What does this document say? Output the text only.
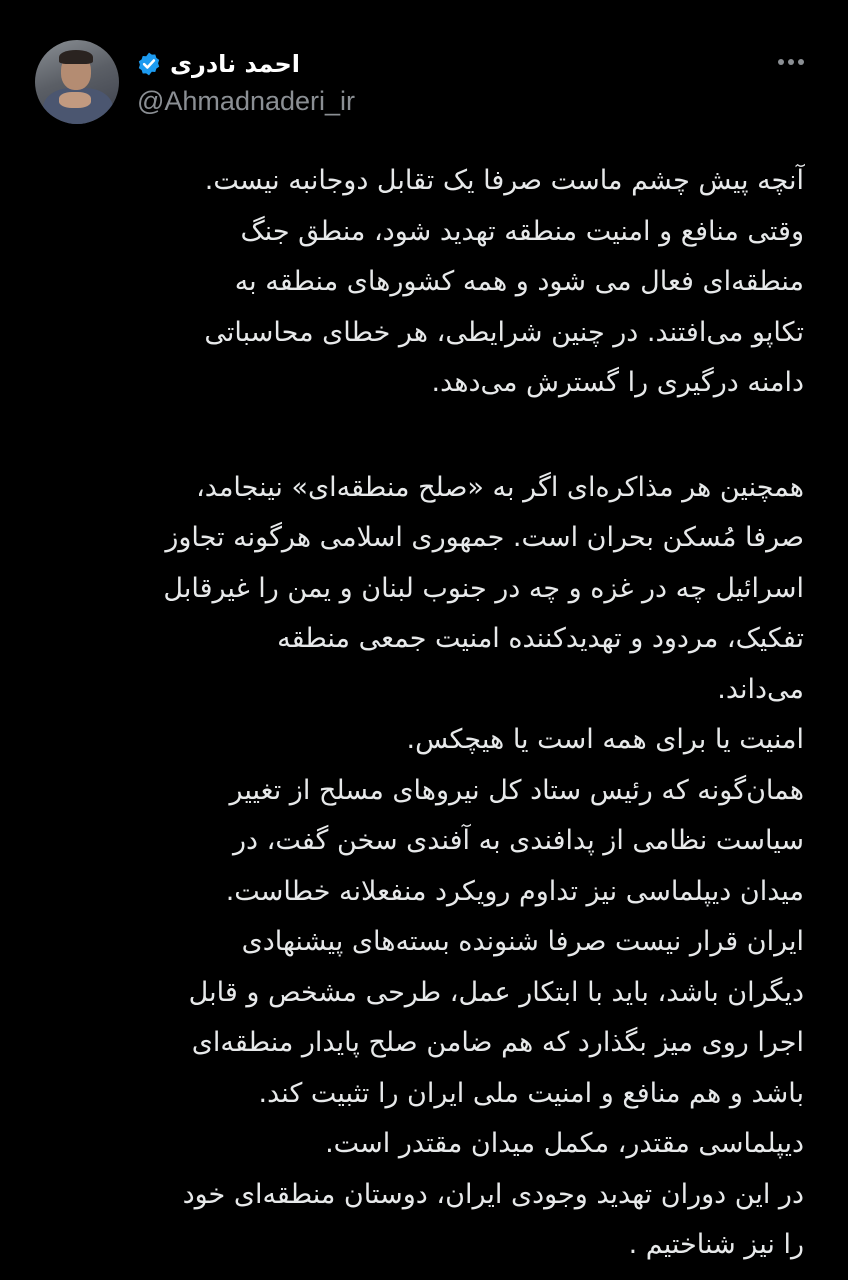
احمد نادری
@Ahmadnaderi_ir
آنچه پیش چشم ماست صرفا یک تقابل دوجانبه نیست.
وقتی منافع و امنیت منطقه تهدید شود، منطق جنگ
منطقه‌ای فعال می شود و همه کشورهای منطقه به
تکاپو می‌افتند. در چنین شرایطی، هر خطای محاسباتی
دامنه درگیری را گسترش می‌دهد.
همچنین هر مذاکره‌ای اگر به «صلح منطقه‌ای» نینجامد،
صرفا مُسکن بحران است. جمهوری اسلامی هرگونه تجاوز
اسرائیل چه در غزه و چه در جنوب لبنان و یمن را غیرقابل
تفکیک، مردود و تهدیدکننده امنیت جمعی منطقه
می‌داند.
امنیت یا برای همه است یا هیچکس.
همان‌گونه که رئیس ستاد کل نیروهای مسلح از تغییر
سیاست نظامی از پدافندی به آفندی سخن گفت، در
میدان دیپلماسی نیز تداوم رویکرد منفعلانه خطاست.
ایران قرار نیست صرفا شنونده بسته‌های پیشنهادی
دیگران باشد، باید با ابتکار عمل، طرحی مشخص و قابل
اجرا روی میز بگذارد که هم ضامن صلح پایدار منطقه‌ای
باشد و هم منافع و امنیت ملی ایران را تثبیت کند.
دیپلماسی مقتدر، مکمل میدان مقتدر است.
در این دوران تهدید وجودی ایران، دوستان منطقه‌ای خود
را نیز شناختیم .
